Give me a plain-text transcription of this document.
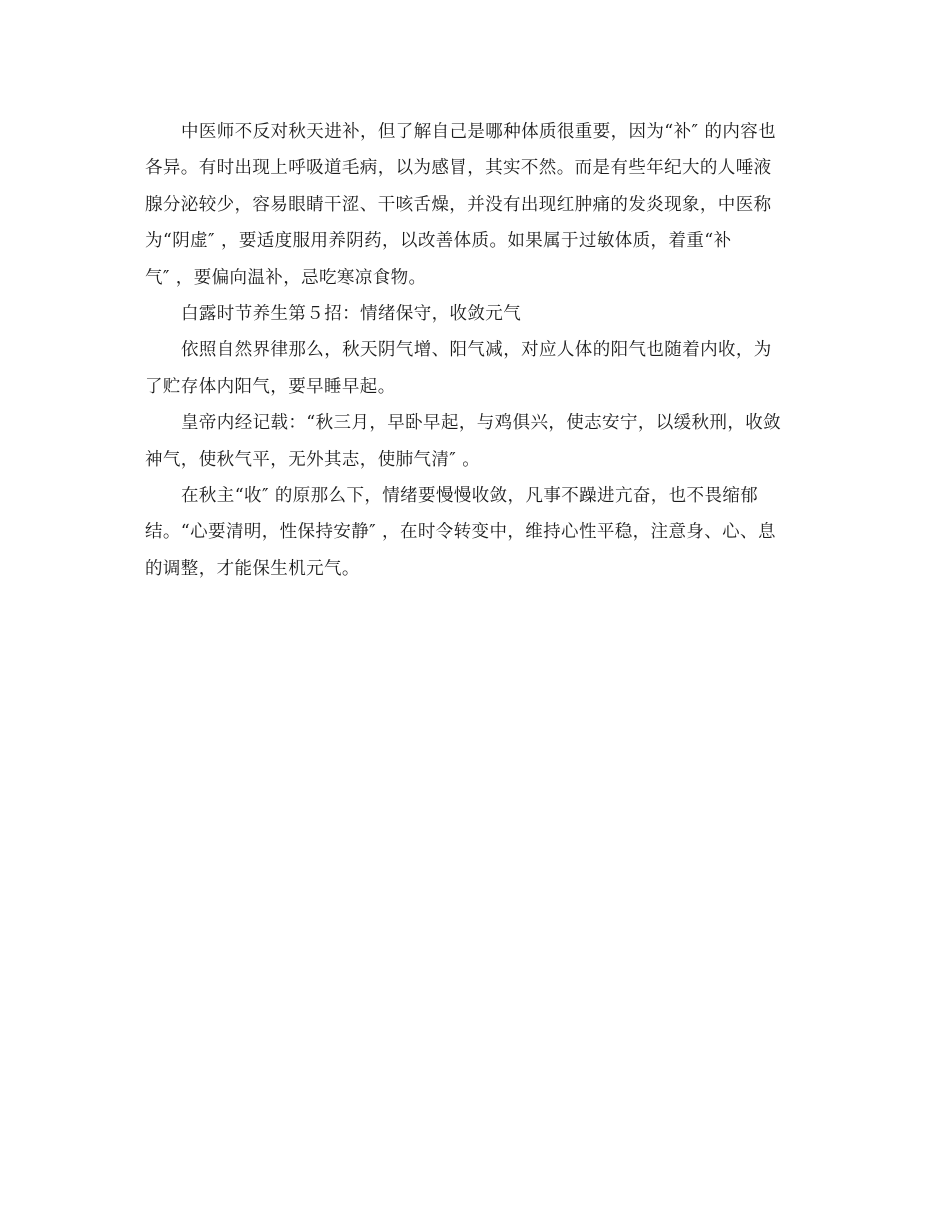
中医师不反对秋天进补，但了解自己是哪种体质很重要，因为“补″ 的内容也
各异。有时出现上呼吸道毛病，以为感冒，其实不然。而是有些年纪大的人唾液
腺分泌较少，容易眼睛干涩、干咳舌燥，并没有出现红肿痛的发炎现象，中医称
为“阴虚″ ，要适度服用养阴药，以改善体质。如果属于过敏体质，着重“补
气″ ，要偏向温补，忌吃寒凉食物。

白露时节养生第５招：情绪保守，收敛元气

依照自然界律那么，秋天阴气增、阳气减，对应人体的阳气也随着内收，为
了贮存体内阳气，要早睡早起。

皇帝内经记载：“秋三月，早卧早起，与鸡俱兴，使志安宁，以缓秋刑，收敛
神气，使秋气平，无外其志，使肺气清″ 。

在秋主“收″ 的原那么下，情绪要慢慢收敛，凡事不躁进亢奋，也不畏缩郁
结。“心要清明，性保持安静″ ，在时令转变中，维持心性平稳，注意身、心、息
的调整，才能保生机元气。
